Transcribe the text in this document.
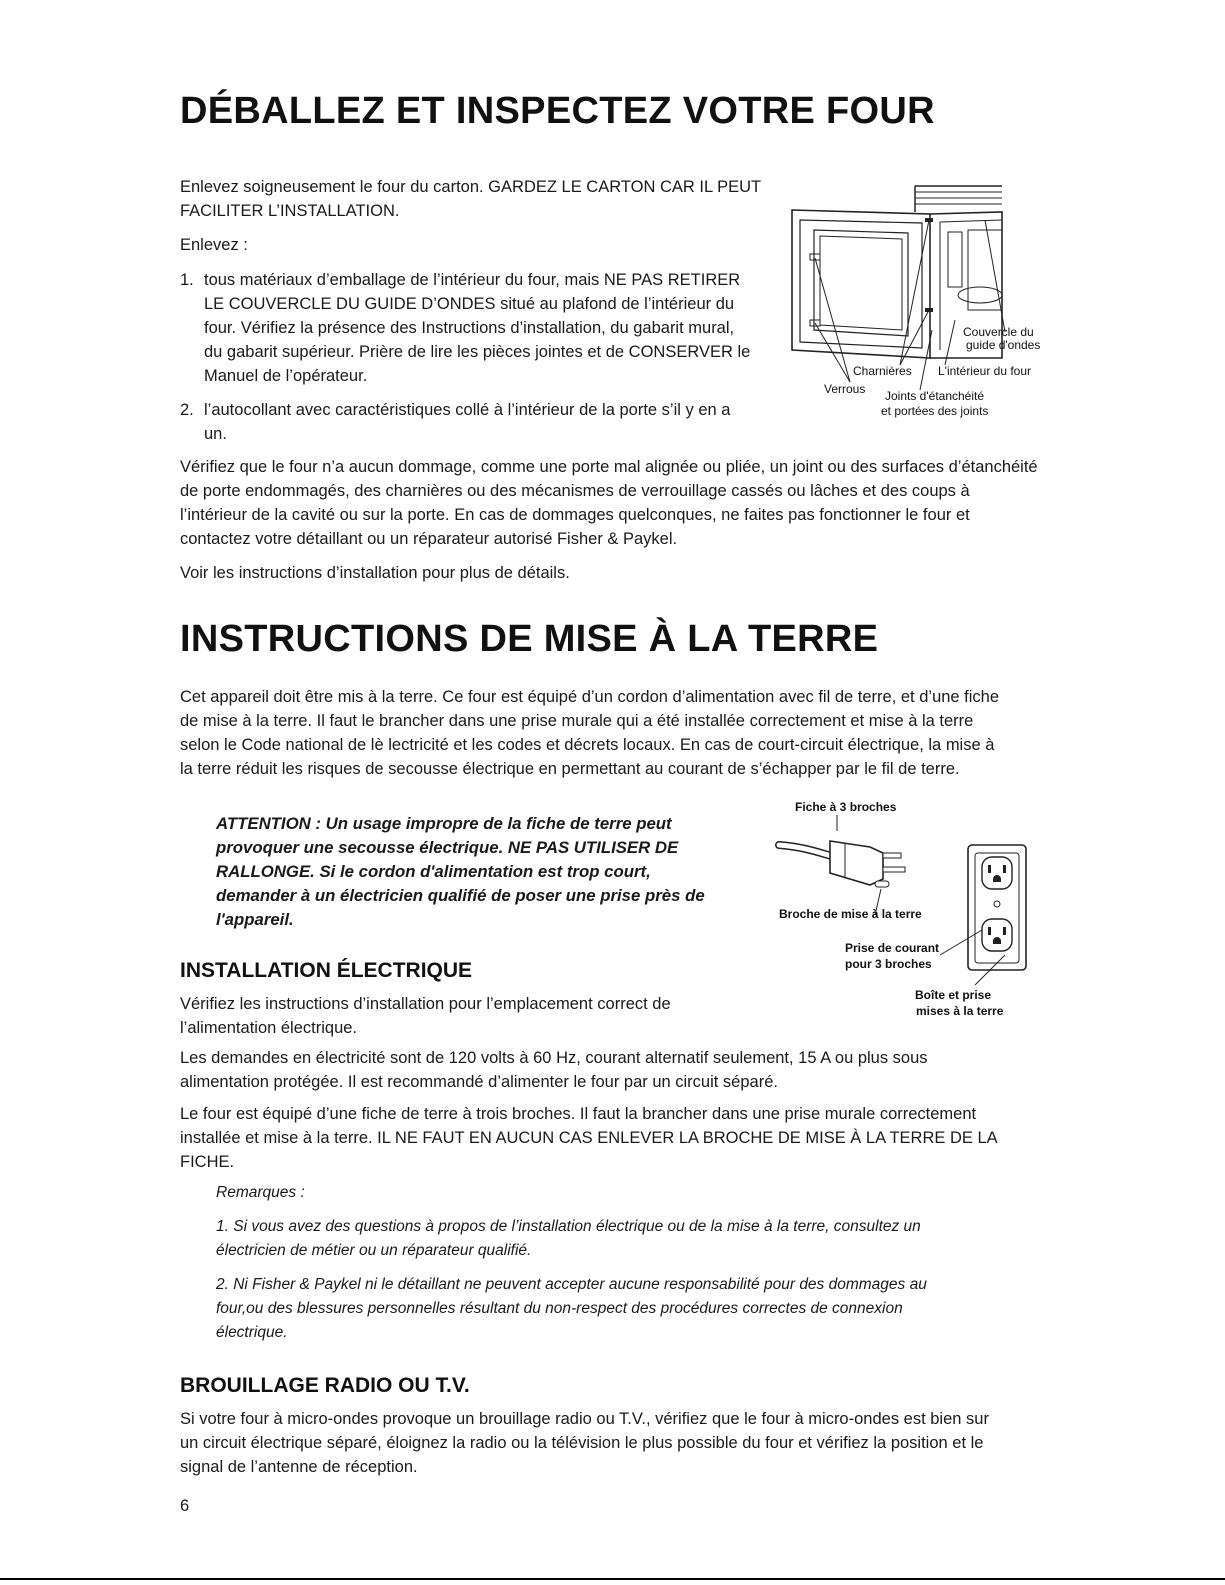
DÉBALLEZ ET INSPECTEZ VOTRE FOUR

Enlevez soigneusement le four du carton. GARDEZ LE CARTON CAR IL PEUT FACILITER L’INSTALLATION.

Enlevez :

1. tous matériaux d’emballage de l’intérieur du four, mais NE PAS RETIRER LE COUVERCLE DU GUIDE D’ONDES situé au plafond de l’intérieur du four. Vérifiez la présence des Instructions d’installation, du gabarit mural, du gabarit supérieur. Prière de lire les pièces jointes et de CONSERVER le Manuel de l’opérateur.
2. l’autocollant avec caractéristiques collé à l’intérieur de la porte s’il y en a un.
Couvercle du
guide d'ondes
Charnières L'intérieur du four
Verrous Joints d'étanchéité
et portées des joints

Vérifiez que le four n’a aucun dommage, comme une porte mal alignée ou pliée, un joint ou des surfaces d’étanchéité de porte endommagés, des charnières ou des mécanismes de verrouillage cassés ou lâches et des coups à l’intérieur de la cavité ou sur la porte. En cas de dommages quelconques, ne faites pas fonctionner le four et contactez votre détaillant ou un réparateur autorisé Fisher & Paykel.

Voir les instructions d’installation pour plus de détails.

INSTRUCTIONS DE MISE À LA TERRE

Cet appareil doit être mis à la terre. Ce four est équipé d’un cordon d’alimentation avec fil de terre, et d’une fiche de mise à la terre. Il faut le brancher dans une prise murale qui a été installée correctement et mise à la terre selon le Code national de lè lectricité et les codes et décrets locaux. En cas de court-circuit électrique, la mise à la terre réduit les risques de secousse électrique en permettant au courant de s’échapper par le fil de terre.

ATTENTION : Un usage impropre de la fiche de terre peut provoquer une secousse électrique. NE PAS UTILISER DE RALLONGE. Si le cordon d'alimentation est trop court, demander à un électricien qualifié de poser une prise près de l'appareil.

Fiche à 3 broches
Broche de mise à la terre
Prise de courant
pour 3 broches
Boîte et prise
mises à la terre
INSTALLATION ÉLECTRIQUE

Vérifiez les instructions d’installation pour l’emplacement correct de l’alimentation électrique.

Les demandes en électricité sont de 120 volts à 60 Hz, courant alternatif seulement, 15 A ou plus sous alimentation protégée. Il est recommandé d’alimenter le four par un circuit séparé.

Le four est équipé d’une fiche de terre à trois broches. Il faut la brancher dans une prise murale correctement installée et mise à la terre. IL NE FAUT EN AUCUN CAS ENLEVER LA BROCHE DE MISE À LA TERRE DE LA FICHE.

Remarques :

1. Si vous avez des questions à propos de l’installation électrique ou de la mise à la terre, consultez un électricien de métier ou un réparateur qualifié.

2. Ni Fisher & Paykel ni le détaillant ne peuvent accepter aucune responsabilité pour des dommages au four,ou des blessures personnelles résultant du non-respect des procédures correctes de connexion électrique.

BROUILLAGE RADIO OU T.V.

Si votre four à micro-ondes provoque un brouillage radio ou T.V., vérifiez que le four à micro-ondes est bien sur un circuit électrique séparé, éloignez la radio ou la télévision le plus possible du four et vérifiez la position et le signal de l’antenne de réception.

6
